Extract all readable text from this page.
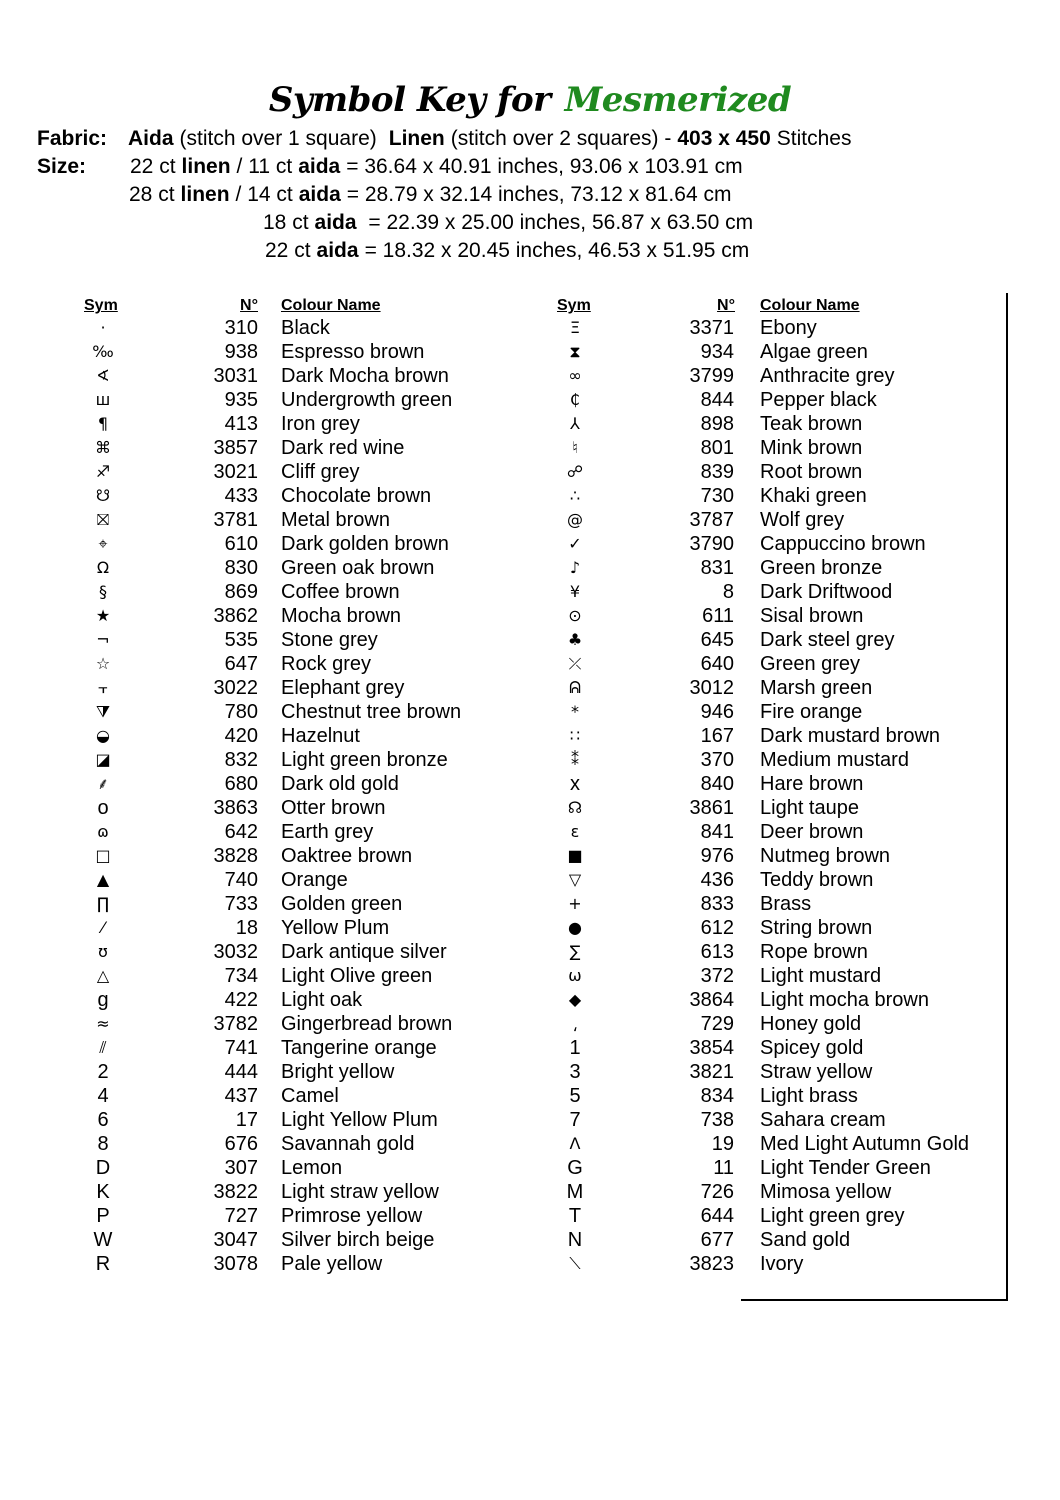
Symbol Key for Mesmerized
Fabric: Aida (stitch over 1 square) Linen (stitch over 2 squares) - 403 x 450 Stitches
Size: 22 ct linen / 11 ct aida = 36.64 x 40.91 inches, 93.06 x 103.91 cm
28 ct linen / 14 ct aida = 28.79 x 32.14 inches, 73.12 x 81.64 cm
18 ct aida = 22.39 x 25.00 inches, 56.87 x 63.50 cm
22 ct aida = 18.32 x 20.45 inches, 46.53 x 51.95 cm
Sym	N° Colour Name
·	310 Black
‰	938 Espresso brown
∢	3031 Dark Mocha brown
ш	935 Undergrowth green
¶	413 Iron grey
⌘	3857 Dark red wine
♐	3021 Cliff grey
☋	433 Chocolate brown
⛝	3781 Metal brown
⌖	610 Dark golden brown
Ω	830 Green oak brown
§	869 Coffee brown
★	3862 Mocha brown
¬	535 Stone grey
☆	647 Rock grey
⫟	3022 Elephant grey
⧩	780 Chestnut tree brown
◒	420 Hazelnut
◪	832 Light green bronze
⸙	680 Dark old gold
o	3863 Otter brown
ɷ	642 Earth grey
□	3828 Oaktree brown
▲	740 Orange
∏	733 Golden green
⁄	18 Yellow Plum
ʊ	3032 Dark antique silver
△	734 Light Olive green
g	422 Light oak
≈	3782 Gingerbread brown
⫽	741 Tangerine orange
2	444 Bright yellow
4	437 Camel
6	17 Light Yellow Plum
8	676 Savannah gold
D	307 Lemon
K	3822 Light straw yellow
P	727 Primrose yellow
W	3047 Silver birch beige
R	3078 Pale yellow
Sym	N° Colour Name
Ξ	3371 Ebony
⧗	934 Algae green
∞	3799 Anthracite grey
₵	844 Pepper black
⅄	898 Teak brown
♮	801 Mink brown
☍	839 Root brown
∴	730 Khaki green
@	3787 Wolf grey
✓	3790 Cappuccino brown
♪	831 Green bronze
¥	8 Dark Driftwood
⊙	611 Sisal brown
♣	645 Dark steel grey
⤫	640 Green grey
ᕱ	3012 Marsh green
*	946 Fire orange
∷	167 Dark mustard brown
⁑	370 Medium mustard
x	840 Hare brown
☊	3861 Light taupe
ɛ	841 Deer brown
■	976 Nutmeg brown
▽	436 Teddy brown
+	833 Brass
●	612 String brown
∑	613 Rope brown
ω	372 Light mustard
◆	3864 Light mocha brown
⸲	729 Honey gold
1	3854 Spicey gold
3	3821 Straw yellow
5	834 Light brass
7	738 Sahara cream
Λ	19 Med Light Autumn Gold
G	11 Light Tender Green
M	726 Mimosa yellow
T	644 Light green grey
N	677 Sand gold
⟍	3823 Ivory
